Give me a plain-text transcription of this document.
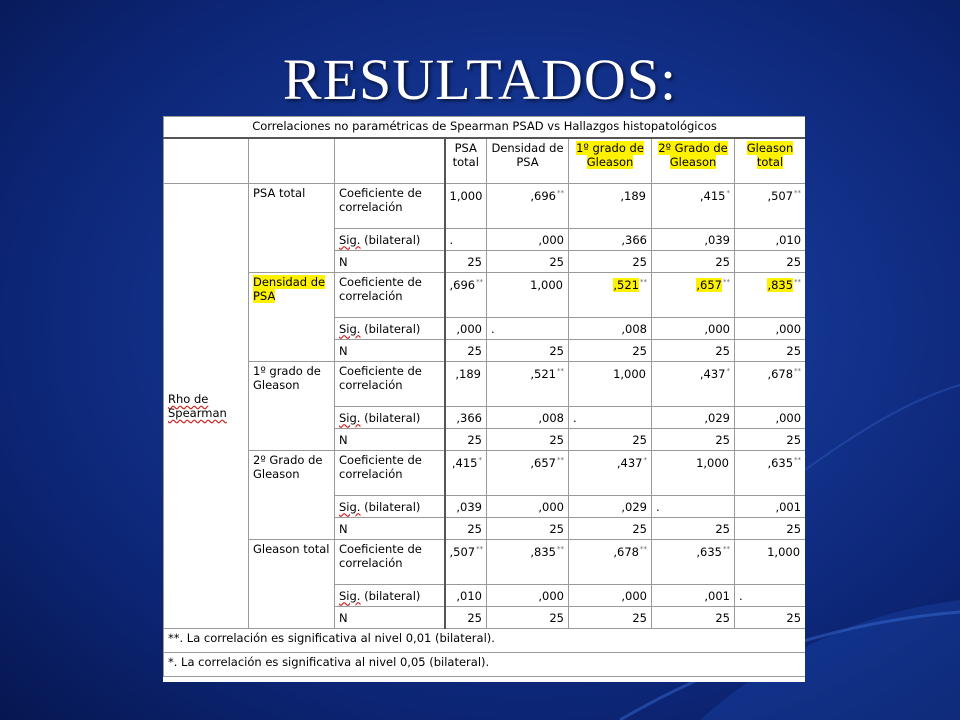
RESULTADOS:
Correlaciones no paramétricas de Spearman PSAD vs Hallazgos histopatológicos							
			PSA total	Densidad de PSA	1º grado de Gleason	2º Grado de Gleason	Gleason total
Rho de Spearman	PSA total	Coeficiente de correlación	1,000	,696**	,189	,415*	,507**
		Sig. (bilateral)	.	,000	,366	,039	,010
		N	25	25	25	25	25
	Densidad de PSA	Coeficiente de correlación	,696**	1,000	,521**	,657**	,835**
		Sig. (bilateral)	,000	.	,008	,000	,000
		N	25	25	25	25	25
	1º grado de Gleason	Coeficiente de correlación	,189	,521**	1,000	,437*	,678**
		Sig. (bilateral)	,366	,008	.	,029	,000
		N	25	25	25	25	25
	2º Grado de Gleason	Coeficiente de correlación	,415*	,657**	,437*	1,000	,635**
		Sig. (bilateral)	,039	,000	,029	.	,001
		N	25	25	25	25	25
	Gleason total	Coeficiente de correlación	,507**	,835**	,678**	,635**	1,000
		Sig. (bilateral)	,010	,000	,000	,001	.
		N	25	25	25	25	25
**. La correlación es significativa al nivel 0,01 (bilateral).							
*. La correlación es significativa al nivel 0,05 (bilateral).							
